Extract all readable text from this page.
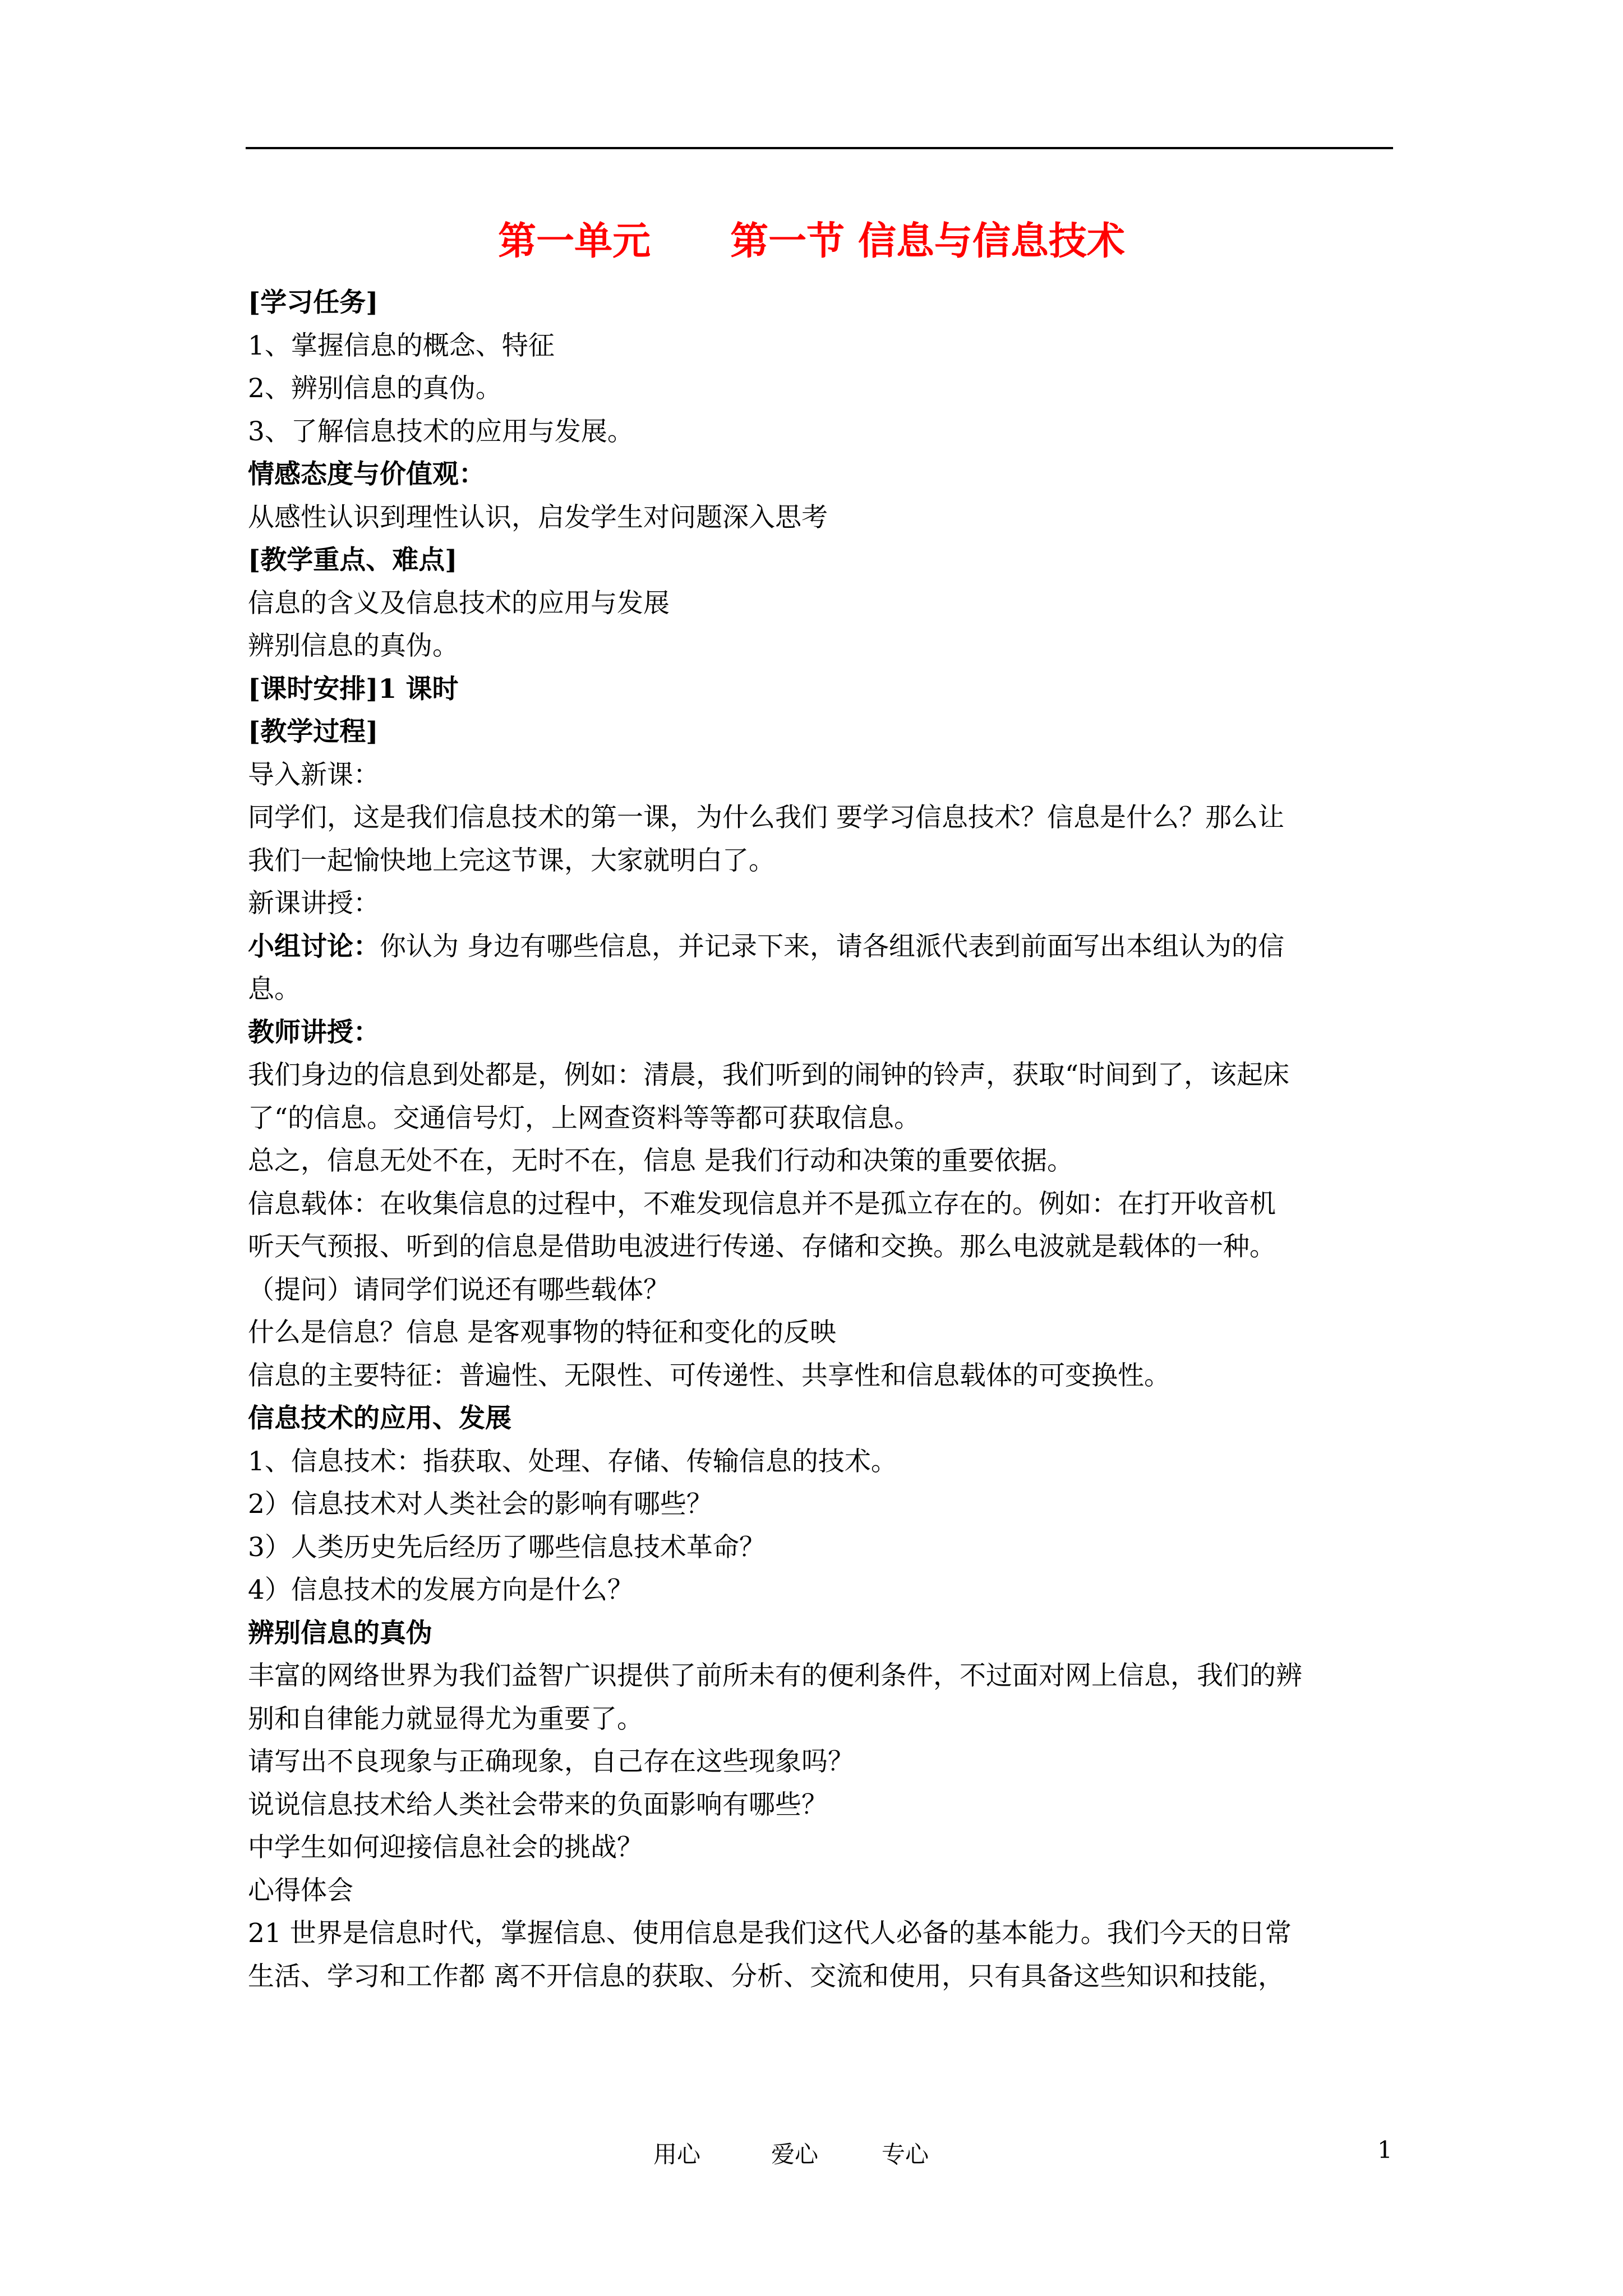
第一单元      第一节 信息与信息技术
[学习任务]
1、掌握信息的概念、特征
2、辨别信息的真伪。
3、了解信息技术的应用与发展。
情感态度与价值观：
从感性认识到理性认识，启发学生对问题深入思考
[教学重点、难点]
信息的含义及信息技术的应用与发展
辨别信息的真伪。
[课时安排]1 课时
[教学过程]
导入新课：
同学们，这是我们信息技术的第一课，为什么我们 要学习信息技术？信息是什么？那么让
我们一起愉快地上完这节课，大家就明白了。
新课讲授：
小组讨论：你认为 身边有哪些信息，并记录下来，请各组派代表到前面写出本组认为的信
息。
教师讲授：
我们身边的信息到处都是，例如：清晨，我们听到的闹钟的铃声，获取“时间到了，该起床
了“的信息。交通信号灯，上网查资料等等都可获取信息。
总之，信息无处不在，无时不在，信息 是我们行动和决策的重要依据。
信息载体：在收集信息的过程中，不难发现信息并不是孤立存在的。例如：在打开收音机
听天气预报、听到的信息是借助电波进行传递、存储和交换。那么电波就是载体的一种。
（提问）请同学们说还有哪些载体？
什么是信息？信息 是客观事物的特征和变化的反映
信息的主要特征：普遍性、无限性、可传递性、共享性和信息载体的可变换性。
信息技术的应用、发展
1、信息技术：指获取、处理、存储、传输信息的技术。
2）信息技术对人类社会的影响有哪些？
3）人类历史先后经历了哪些信息技术革命？
4）信息技术的发展方向是什么？
辨别信息的真伪
丰富的网络世界为我们益智广识提供了前所未有的便利条件，不过面对网上信息，我们的辨
别和自律能力就显得尤为重要了。
请写出不良现象与正确现象，自己存在这些现象吗？
说说信息技术给人类社会带来的负面影响有哪些？
中学生如何迎接信息社会的挑战？
心得体会
21 世界是信息时代，掌握信息、使用信息是我们这代人必备的基本能力。我们今天的日常
生活、学习和工作都 离不开信息的获取、分析、交流和使用，只有具备这些知识和技能，
用心	爱心	专心	1
